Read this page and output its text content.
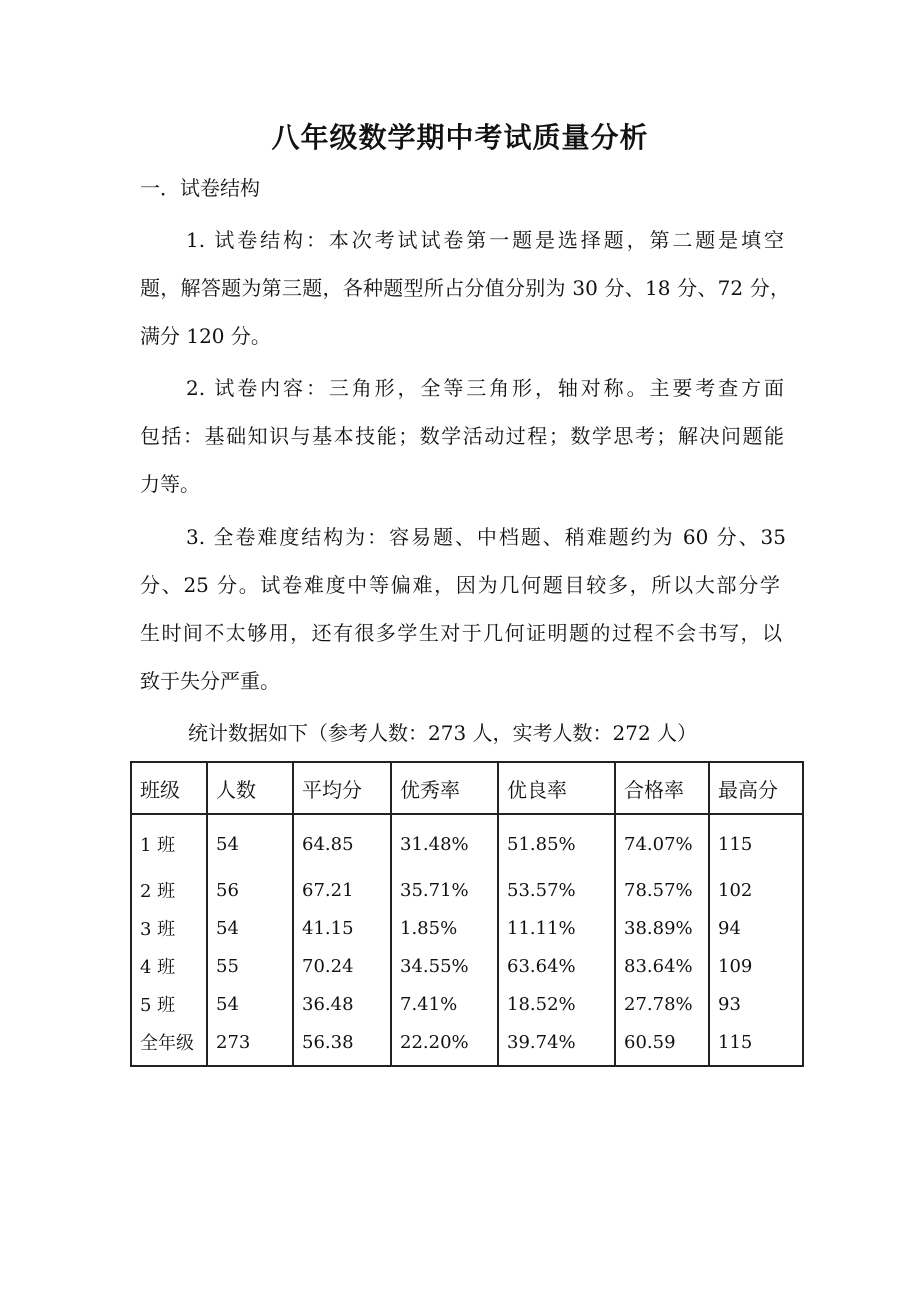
八年级数学期中考试质量分析
一．试卷结构
1. 试卷结构：本次考试试卷第一题是选择题，第二题是填空
题，解答题为第三题，各种题型所占分值分别为 30 分、18 分、72 分，
满分 120 分。
2. 试卷内容：三角形，全等三角形，轴对称。主要考查方面
包括：基础知识与基本技能；数学活动过程；数学思考；解决问题能
力等。
3. 全卷难度结构为：容易题、中档题、稍难题约为 60 分、35
分、25 分。试卷难度中等偏难，因为几何题目较多，所以大部分学
生时间不太够用，还有很多学生对于几何证明题的过程不会书写，以
致于失分严重。
统计数据如下（参考人数：273 人，实考人数：272 人）
班级	人数	平均分	优秀率	优良率	合格率	最高分
1 班	54	64.85	31.48%	51.85%	74.07%	115
2 班	56	67.21	35.71%	53.57%	78.57%	102
3 班	54	41.15	1.85%	11.11%	38.89%	94
4 班	55	70.24	34.55%	63.64%	83.64%	109
5 班	54	36.48	7.41%	18.52%	27.78%	93
全年级	273	56.38	22.20%	39.74%	60.59	115
